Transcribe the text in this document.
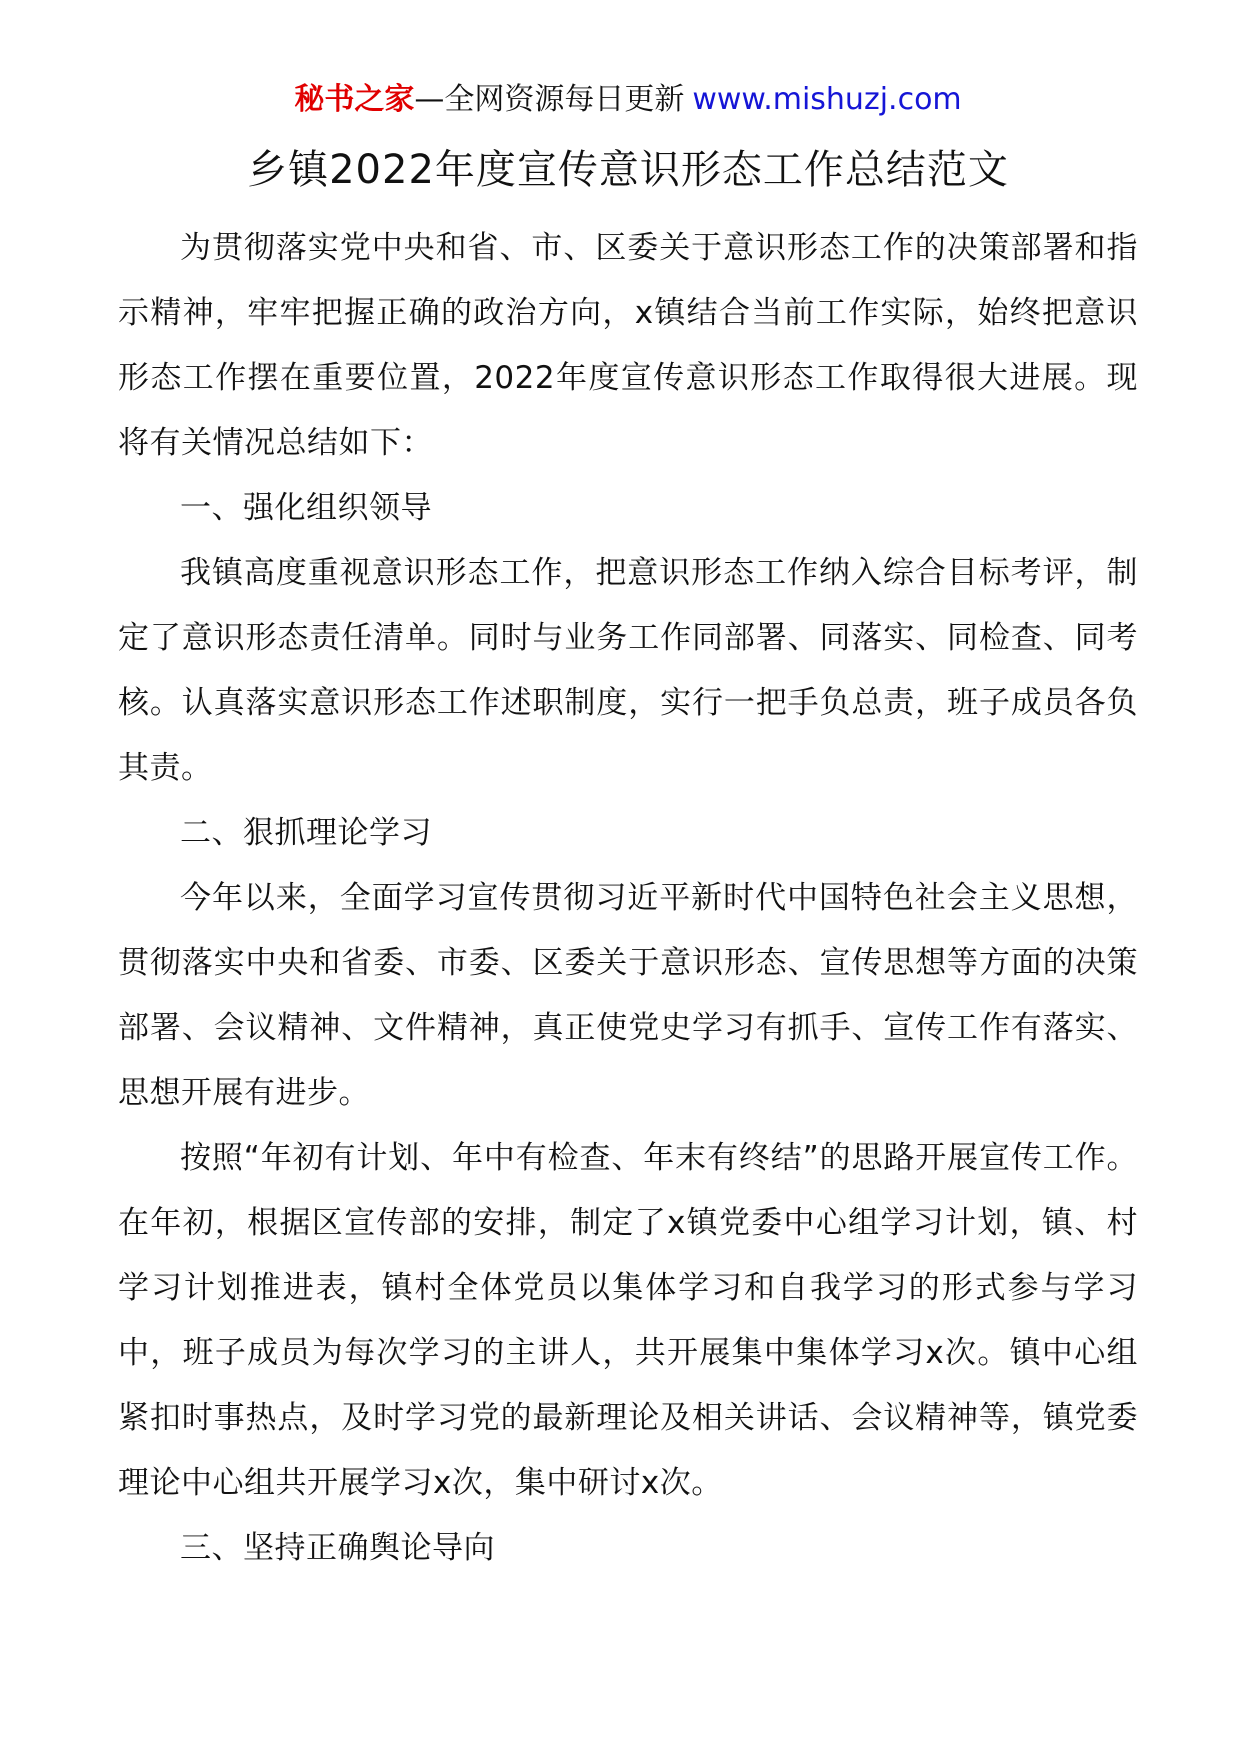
秘书之家—全网资源每日更新 www.mishuzj.com
乡镇2022年度宣传意识形态工作总结范文

为贯彻落实党中央和省、市、区委关于意识形态工作的决策部署和指示精神，牢牢把握正确的政治方向，x镇结合当前工作实际，始终把意识形态工作摆在重要位置，2022年度宣传意识形态工作取得很大进展。现将有关情况总结如下：

一、强化组织领导

我镇高度重视意识形态工作，把意识形态工作纳入综合目标考评，制定了意识形态责任清单。同时与业务工作同部署、同落实、同检查、同考核。认真落实意识形态工作述职制度，实行一把手负总责，班子成员各负其责。

二、狠抓理论学习

今年以来，全面学习宣传贯彻习近平新时代中国特色社会主义思想，贯彻落实中央和省委、市委、区委关于意识形态、宣传思想等方面的决策部署、会议精神、文件精神，真正使党史学习有抓手、宣传工作有落实、思想开展有进步。

按照“年初有计划、年中有检查、年末有终结”的思路开展宣传工作。在年初，根据区宣传部的安排，制定了x镇党委中心组学习计划，镇、村学习计划推进表，镇村全体党员以集体学习和自我学习的形式参与学习中，班子成员为每次学习的主讲人，共开展集中集体学习x次。镇中心组紧扣时事热点，及时学习党的最新理论及相关讲话、会议精神等，镇党委理论中心组共开展学习x次，集中研讨x次。

三、坚持正确舆论导向
